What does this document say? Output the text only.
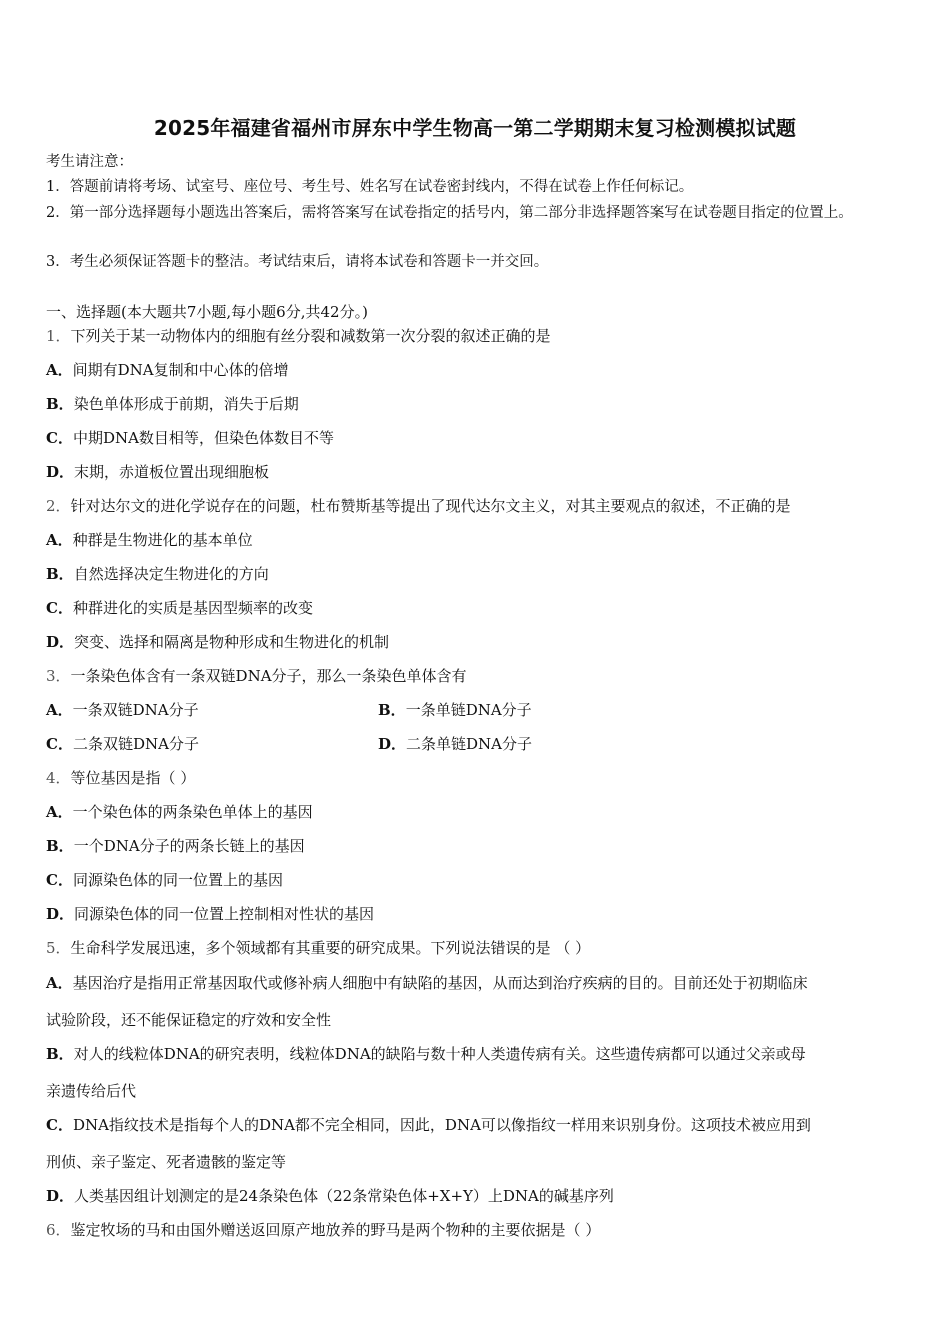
2025年福建省福州市屏东中学生物高一第二学期期末复习检测模拟试题
考生请注意：
1．答题前请将考场、试室号、座位号、考生号、姓名写在试卷密封线内，不得在试卷上作任何标记。
2．第一部分选择题每小题选出答案后，需将答案写在试卷指定的括号内，第二部分非选择题答案写在试卷题目指定的位置上。
3．考生必须保证答题卡的整洁。考试结束后，请将本试卷和答题卡一并交回。
一、选择题(本大题共7小题,每小题6分,共42分。)
1．下列关于某一动物体内的细胞有丝分裂和减数第一次分裂的叙述正确的是
A．间期有DNA复制和中心体的倍增
B．染色单体形成于前期，消失于后期
C．中期DNA数目相等，但染色体数目不等
D．末期，赤道板位置出现细胞板
2．针对达尔文的进化学说存在的问题，杜布赞斯基等提出了现代达尔文主义，对其主要观点的叙述，不正确的是
A．种群是生物进化的基本单位
B．自然选择决定生物进化的方向
C．种群进化的实质是基因型频率的改变
D．突变、选择和隔离是物种形成和生物进化的机制
3．一条染色体含有一条双链DNA分子，那么一条染色单体含有
A．一条双链DNA分子	B．一条单链DNA分子
C．二条双链DNA分子	D．二条单链DNA分子
4．等位基因是指（ ）
A．一个染色体的两条染色单体上的基因
B．一个DNA分子的两条长链上的基因
C．同源染色体的同一位置上的基因
D．同源染色体的同一位置上控制相对性状的基因
5．生命科学发展迅速，多个领域都有其重要的研究成果。下列说法错误的是 （ ）
A．基因治疗是指用正常基因取代或修补病人细胞中有缺陷的基因，从而达到治疗疾病的目的。目前还处于初期临床
试验阶段，还不能保证稳定的疗效和安全性
B．对人的线粒体DNA的研究表明，线粒体DNA的缺陷与数十种人类遗传病有关。这些遗传病都可以通过父亲或母
亲遗传给后代
C．DNA指纹技术是指每个人的DNA都不完全相同，因此，DNA可以像指纹一样用来识别身份。这项技术被应用到
刑侦、亲子鉴定、死者遗骸的鉴定等
D．人类基因组计划测定的是24条染色体（22条常染色体+X+Y）上DNA的碱基序列
6．鉴定牧场的马和由国外赠送返回原产地放养的野马是两个物种的主要依据是（ ）
